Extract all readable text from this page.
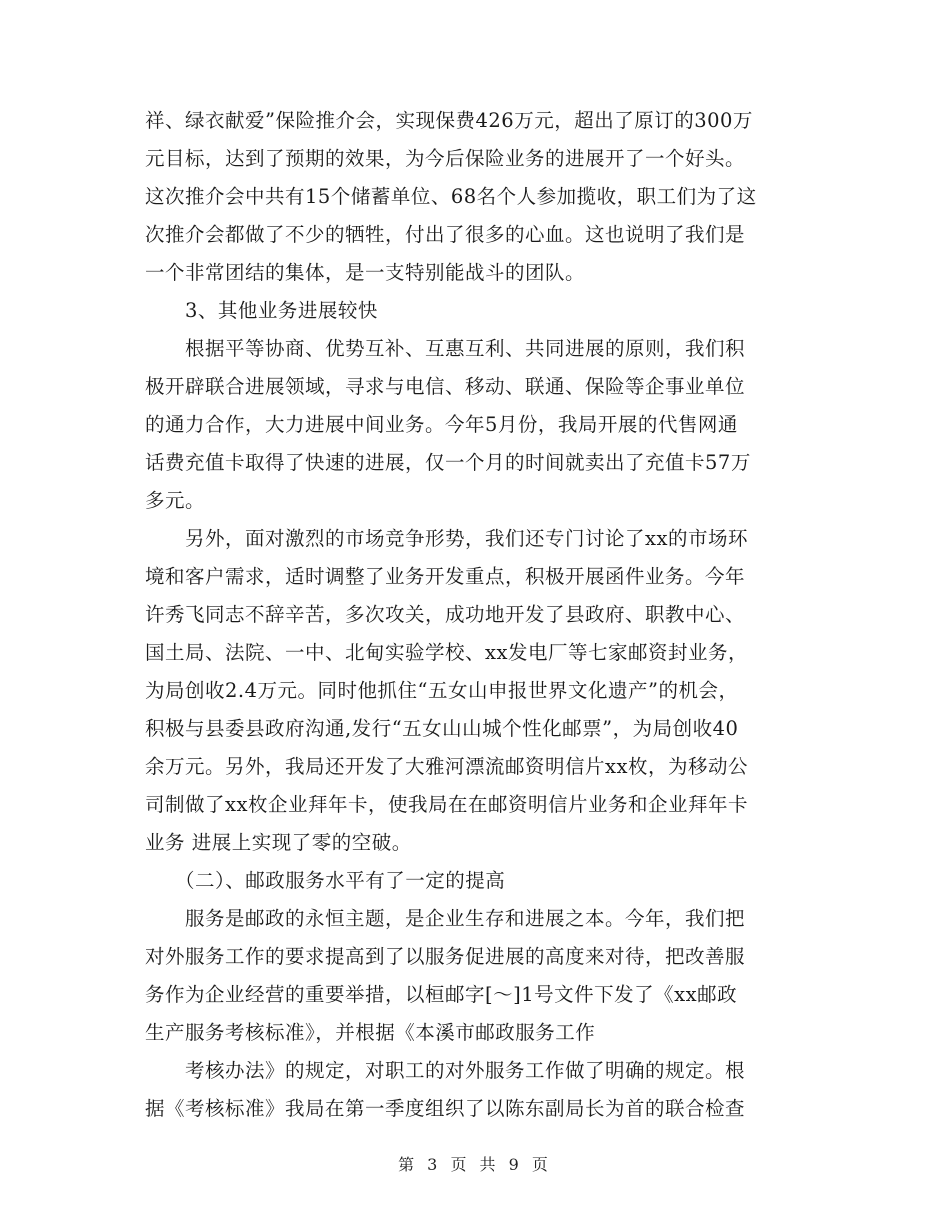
祥、绿衣献爱”保险推介会，实现保费426万元，超出了原订的300万
元目标，达到了预期的效果，为今后保险业务的进展开了一个好头。
这次推介会中共有15个储蓄单位、68名个人参加揽收，职工们为了这
次推介会都做了不少的牺牲，付出了很多的心血。这也说明了我们是
一个非常团结的集体，是一支特别能战斗的团队。
3、其他业务进展较快
根据平等协商、优势互补、互惠互利、共同进展的原则，我们积
极开辟联合进展领域，寻求与电信、移动、联通、保险等企事业单位
的通力合作，大力进展中间业务。今年5月份，我局开展的代售网通
话费充值卡取得了快速的进展，仅一个月的时间就卖出了充值卡57万
多元。
另外，面对激烈的市场竞争形势，我们还专门讨论了xx的市场环
境和客户需求，适时调整了业务开发重点，积极开展函件业务。今年
许秀飞同志不辞辛苦，多次攻关，成功地开发了县政府、职教中心、
国土局、法院、一中、北甸实验学校、xx发电厂等七家邮资封业务，
为局创收2.4万元。同时他抓住“五女山申报世界文化遗产”的机会，
积极与县委县政府沟通,发行“五女山山城个性化邮票”，为局创收40
余万元。另外，我局还开发了大雅河漂流邮资明信片xx枚，为移动公
司制做了xx枚企业拜年卡，使我局在在邮资明信片业务和企业拜年卡
业务 进展上实现了零的空破。
（二）、邮政服务水平有了一定的提高
服务是邮政的永恒主题，是企业生存和进展之本。今年，我们把
对外服务工作的要求提高到了以服务促进展的高度来对待，把改善服
务作为企业经营的重要举措，以桓邮字[～]1号文件下发了《xx邮政
生产服务考核标准》，并根据《本溪市邮政服务工作
考核办法》的规定，对职工的对外服务工作做了明确的规定。根
据《考核标准》我局在第一季度组织了以陈东副局长为首的联合检查
第 3 页 共 9 页
